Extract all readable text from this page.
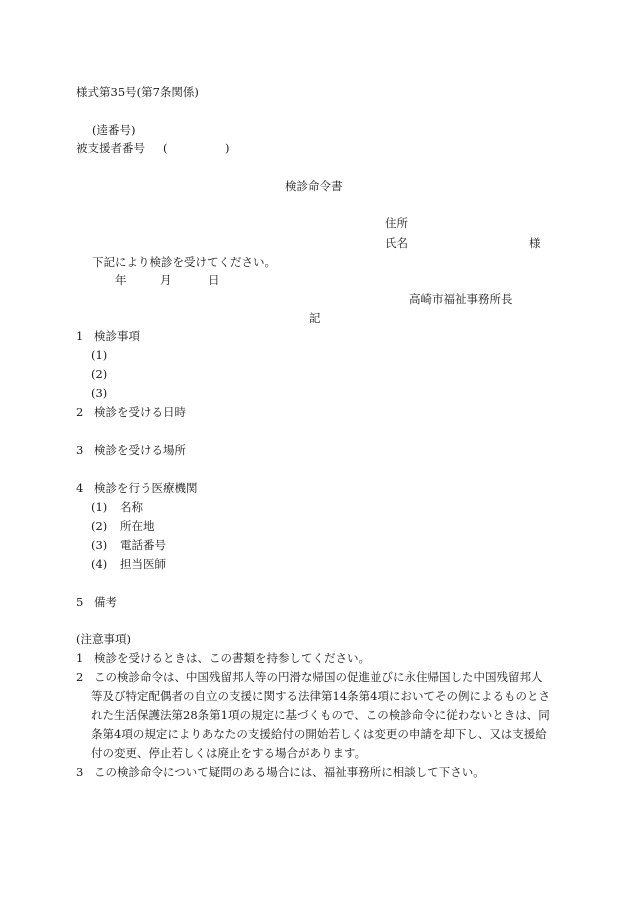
様式第35号(第7条関係)
(逵番号)
被支援者番号 (	)
検診命令書
住所
氏名	様
下記により検診を受けてください。
年	月	日
高崎市福祉事務所長
記
1 検診事項
(1)
(2)
(3)
2 検診を受ける日時
3 検診を受ける場所
4 検診を行う医療機関
(1) 名称
(2) 所在地
(3) 電話番号
(4) 担当医師
5 備考
(注意事項)
1 検診を受けるときは、この書類を持参してください。
2 この検診命令は、中国残留邦人等の円滑な帰国の促進並びに永住帰国した中国残留邦人
等及び特定配偶者の自立の支援に関する法律第14条第4項においてその例によるものとさ
れた生活保護法第28条第1項の規定に基づくもので、この検診命令に従わないときは、同
条第4項の規定によりあなたの支援給付の開始若しくは変更の申請を却下し、又は支援給
付の変更、停止若しくは廃止をする場合があります。
3 この検診命令について疑問のある場合には、福祉事務所に相談して下さい。
